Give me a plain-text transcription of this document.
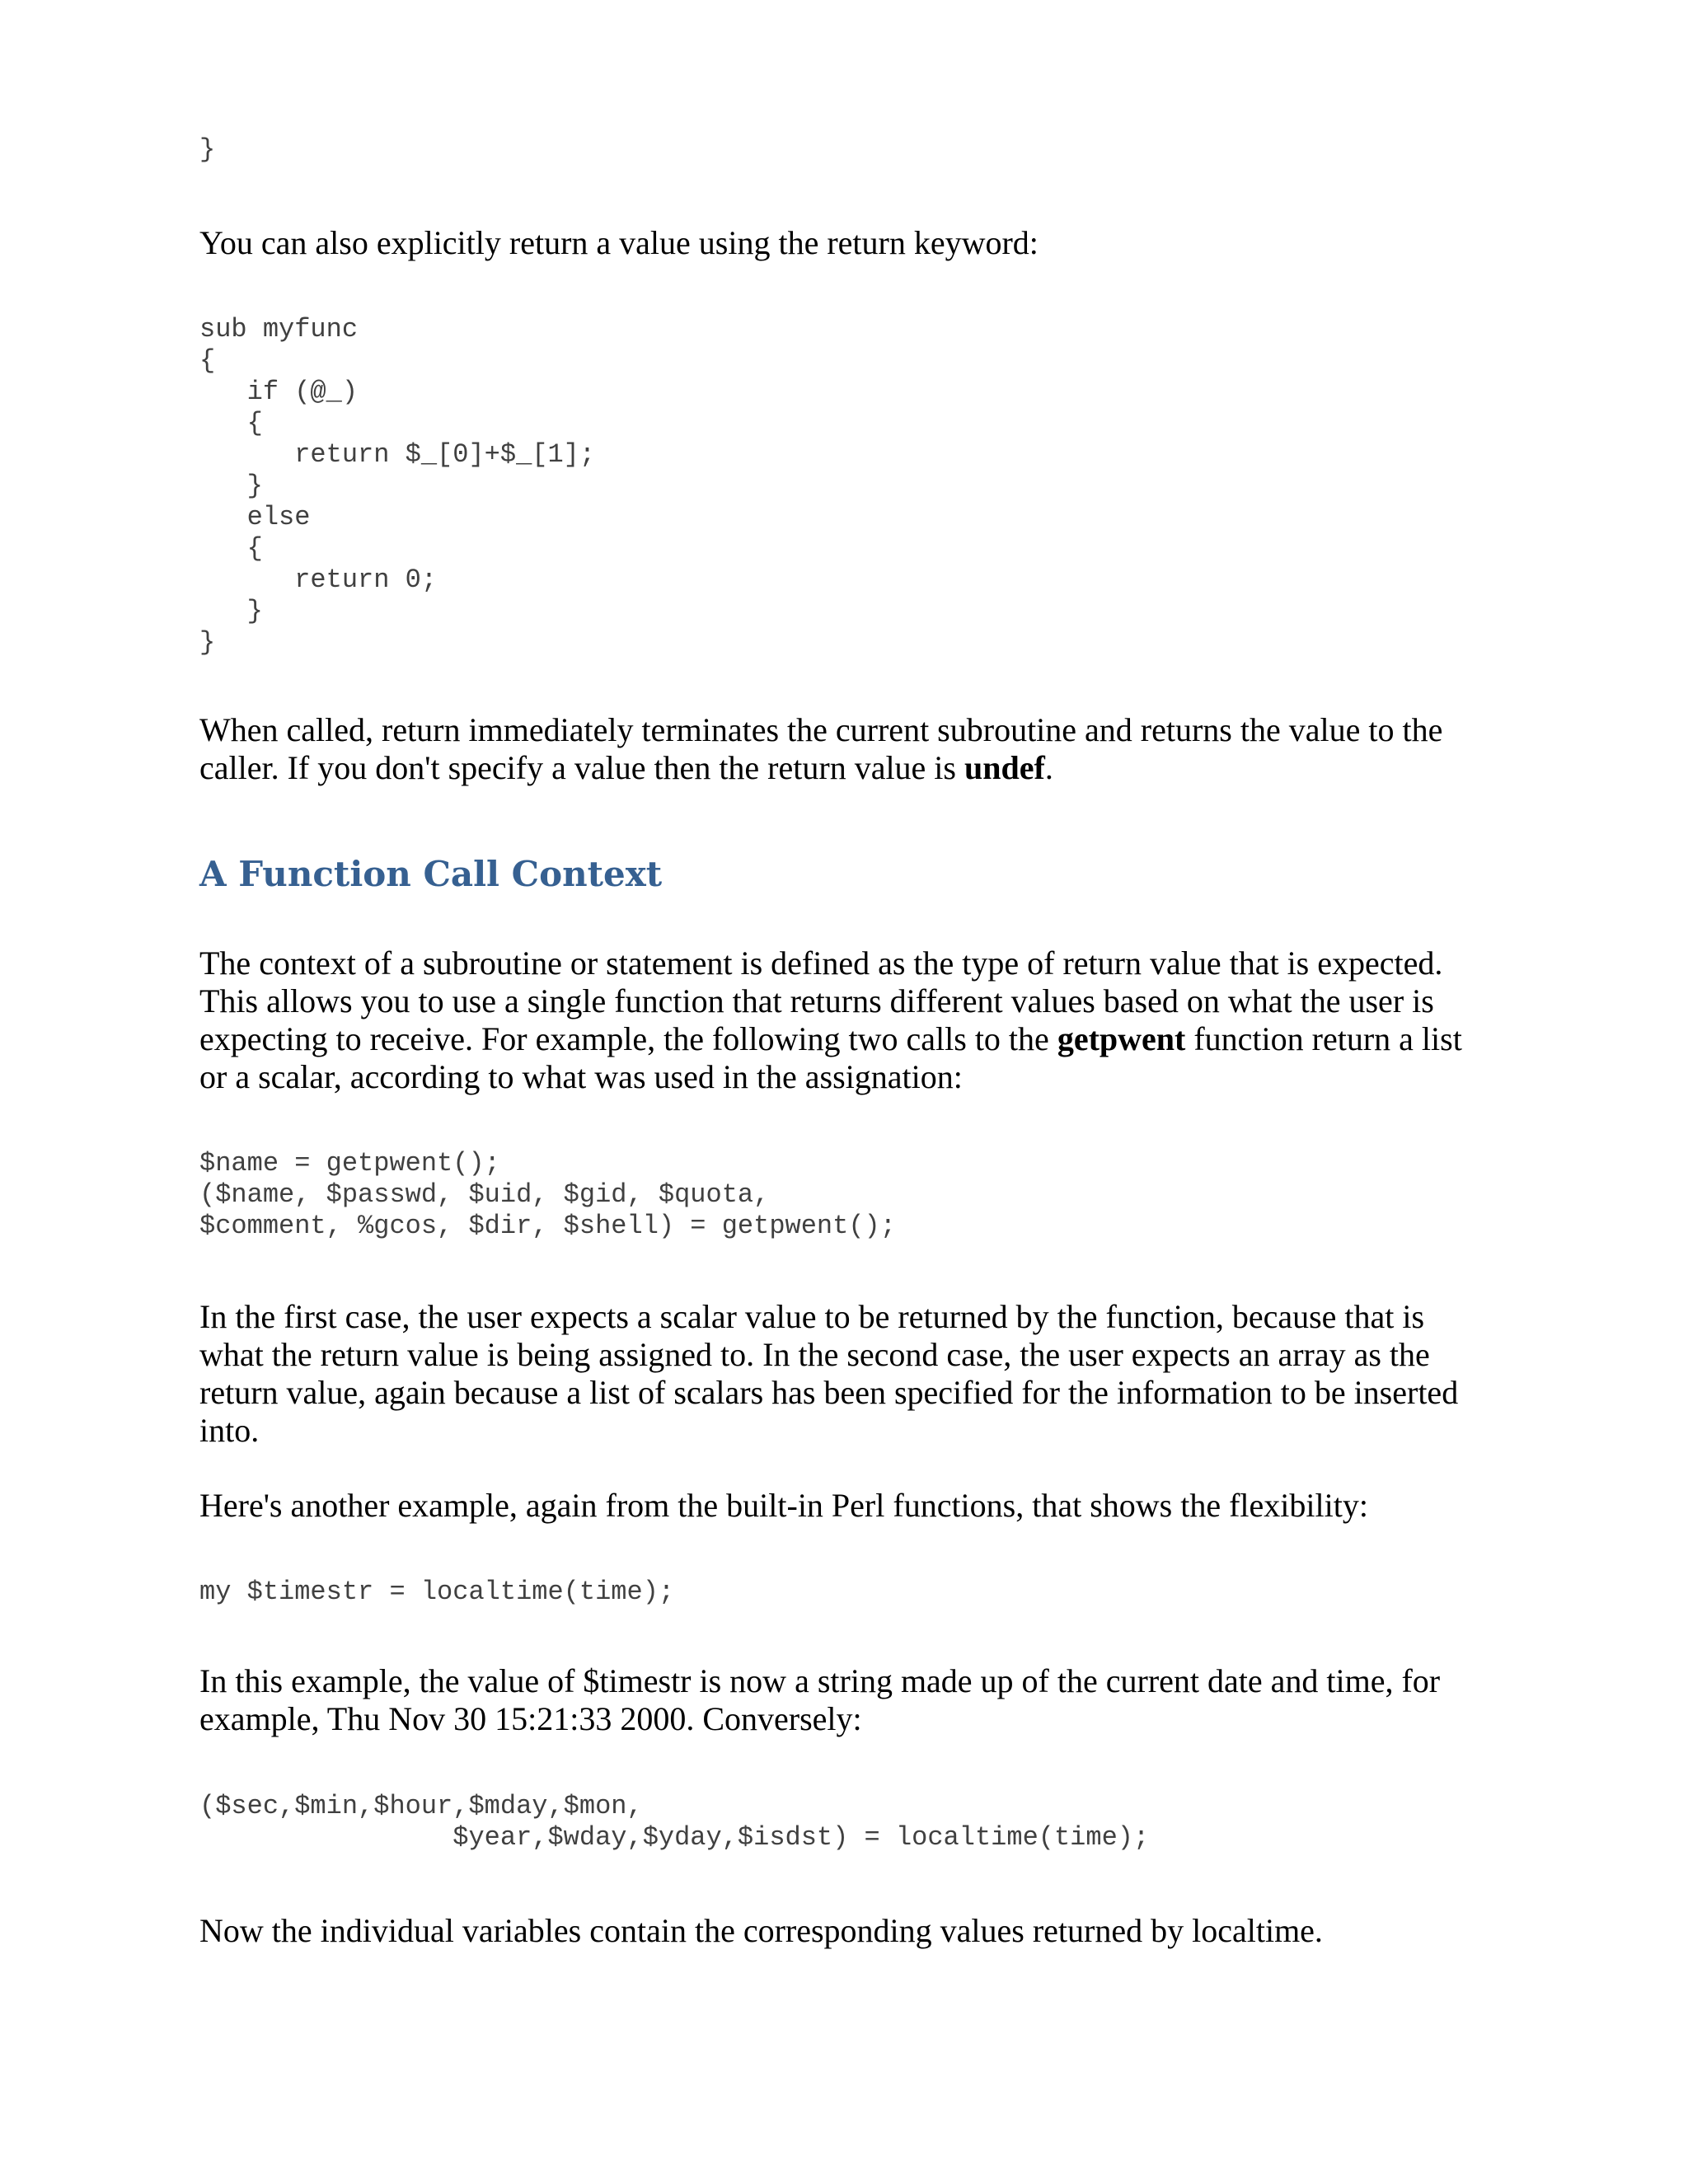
}

You can also explicitly return a value using the return keyword:

sub myfunc
{
if (@_)
{
return $_[0]+$_[1];
}
else
{
return 0;
}
}

When called, return immediately terminates the current subroutine and returns the value to the caller. If you don't specify a value then the return value is undef.

A Function Call Context

The context of a subroutine or statement is defined as the type of return value that is expected. This allows you to use a single function that returns different values based on what the user is expecting to receive. For example, the following two calls to the getpwent function return a list or a scalar, according to what was used in the assignation:

$name = getpwent();
($name, $passwd, $uid, $gid, $quota,
$comment, %gcos, $dir, $shell) = getpwent();

In the first case, the user expects a scalar value to be returned by the function, because that is what the return value is being assigned to. In the second case, the user expects an array as the return value, again because a list of scalars has been specified for the information to be inserted into.

Here's another example, again from the built-in Perl functions, that shows the flexibility:

my $timestr = localtime(time);

In this example, the value of $timestr is now a string made up of the current date and time, for example, Thu Nov 30 15:21:33 2000. Conversely:

($sec,$min,$hour,$mday,$mon,
$year,$wday,$yday,$isdst) = localtime(time);

Now the individual variables contain the corresponding values returned by localtime.
